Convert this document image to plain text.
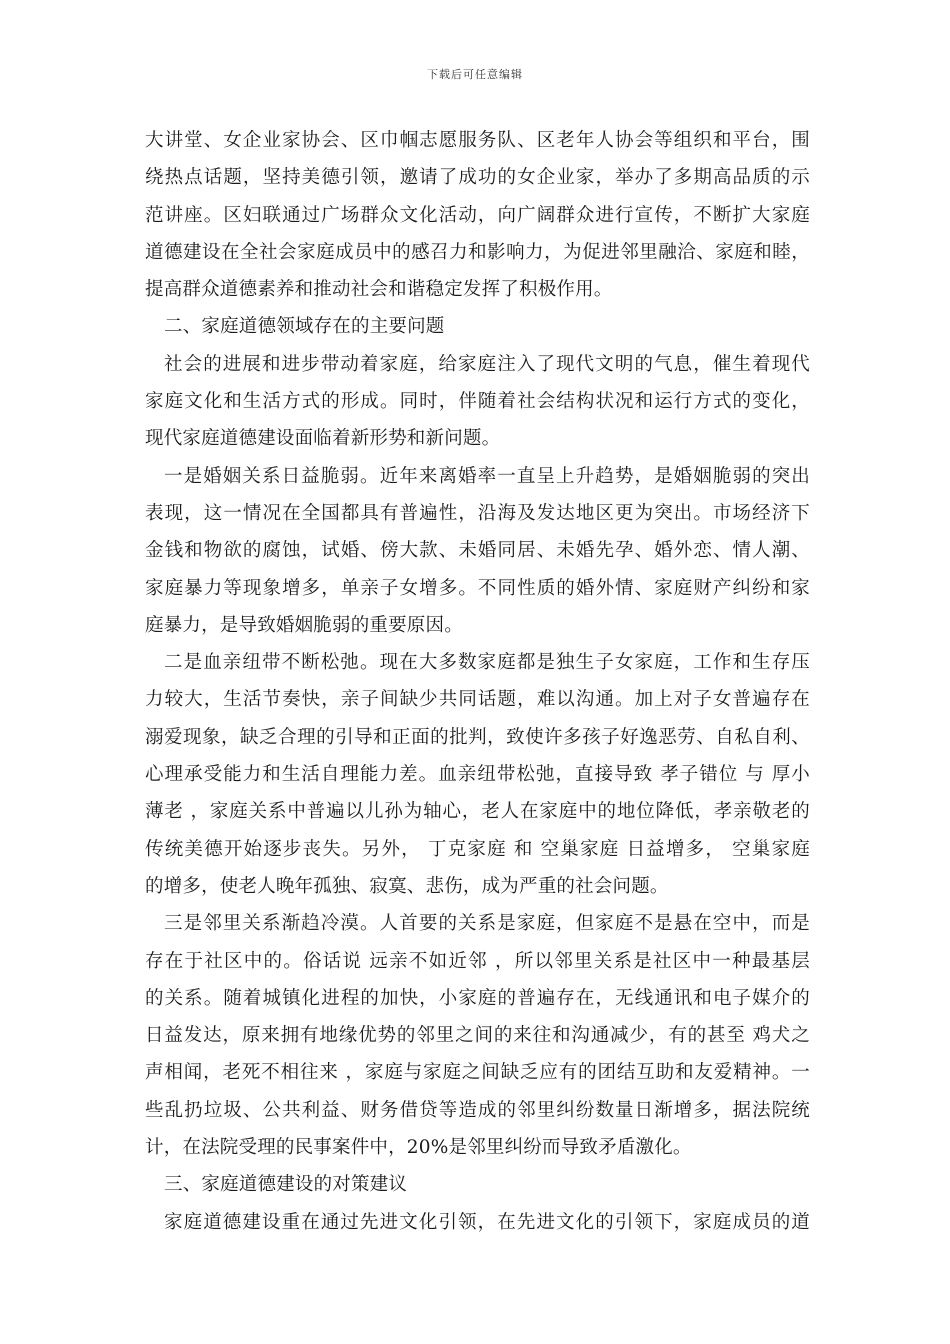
下载后可任意编辑
大讲堂、女企业家协会、区巾帼志愿服务队、区老年人协会等组织和平台，围
绕热点话题，坚持美德引领，邀请了成功的女企业家，举办了多期高品质的示
范讲座。区妇联通过广场群众文化活动，向广阔群众进行宣传，不断扩大家庭
道德建设在全社会家庭成员中的感召力和影响力，为促进邻里融洽、家庭和睦，
提高群众道德素养和推动社会和谐稳定发挥了积极作用。
二、家庭道德领域存在的主要问题
社会的进展和进步带动着家庭，给家庭注入了现代文明的气息，催生着现代
家庭文化和生活方式的形成。同时，伴随着社会结构状况和运行方式的变化，
现代家庭道德建设面临着新形势和新问题。
一是婚姻关系日益脆弱。近年来离婚率一直呈上升趋势，是婚姻脆弱的突出
表现，这一情况在全国都具有普遍性，沿海及发达地区更为突出。市场经济下
金钱和物欲的腐蚀，试婚、傍大款、未婚同居、未婚先孕、婚外恋、情人潮、
家庭暴力等现象增多，单亲子女增多。不同性质的婚外情、家庭财产纠纷和家
庭暴力，是导致婚姻脆弱的重要原因。
二是血亲纽带不断松弛。现在大多数家庭都是独生子女家庭，工作和生存压
力较大，生活节奏快，亲子间缺少共同话题，难以沟通。加上对子女普遍存在
溺爱现象，缺乏合理的引导和正面的批判，致使许多孩子好逸恶劳、自私自利、
心理承受能力和生活自理能力差。血亲纽带松弛，直接导致 孝子错位 与 厚小
薄老 ，家庭关系中普遍以儿孙为轴心，老人在家庭中的地位降低，孝亲敬老的
传统美德开始逐步丧失。另外， 丁克家庭 和 空巢家庭 日益增多， 空巢家庭
的增多，使老人晚年孤独、寂寞、悲伤，成为严重的社会问题。
三是邻里关系渐趋冷漠。人首要的关系是家庭，但家庭不是悬在空中，而是
存在于社区中的。俗话说 远亲不如近邻 ，所以邻里关系是社区中一种最基层
的关系。随着城镇化进程的加快，小家庭的普遍存在，无线通讯和电子媒介的
日益发达，原来拥有地缘优势的邻里之间的来往和沟通减少，有的甚至 鸡犬之
声相闻，老死不相往来 ，家庭与家庭之间缺乏应有的团结互助和友爱精神。一
些乱扔垃圾、公共利益、财务借贷等造成的邻里纠纷数量日渐增多，据法院统
计，在法院受理的民事案件中，20%是邻里纠纷而导致矛盾激化。
三、家庭道德建设的对策建议
家庭道德建设重在通过先进文化引领，在先进文化的引领下，家庭成员的道
